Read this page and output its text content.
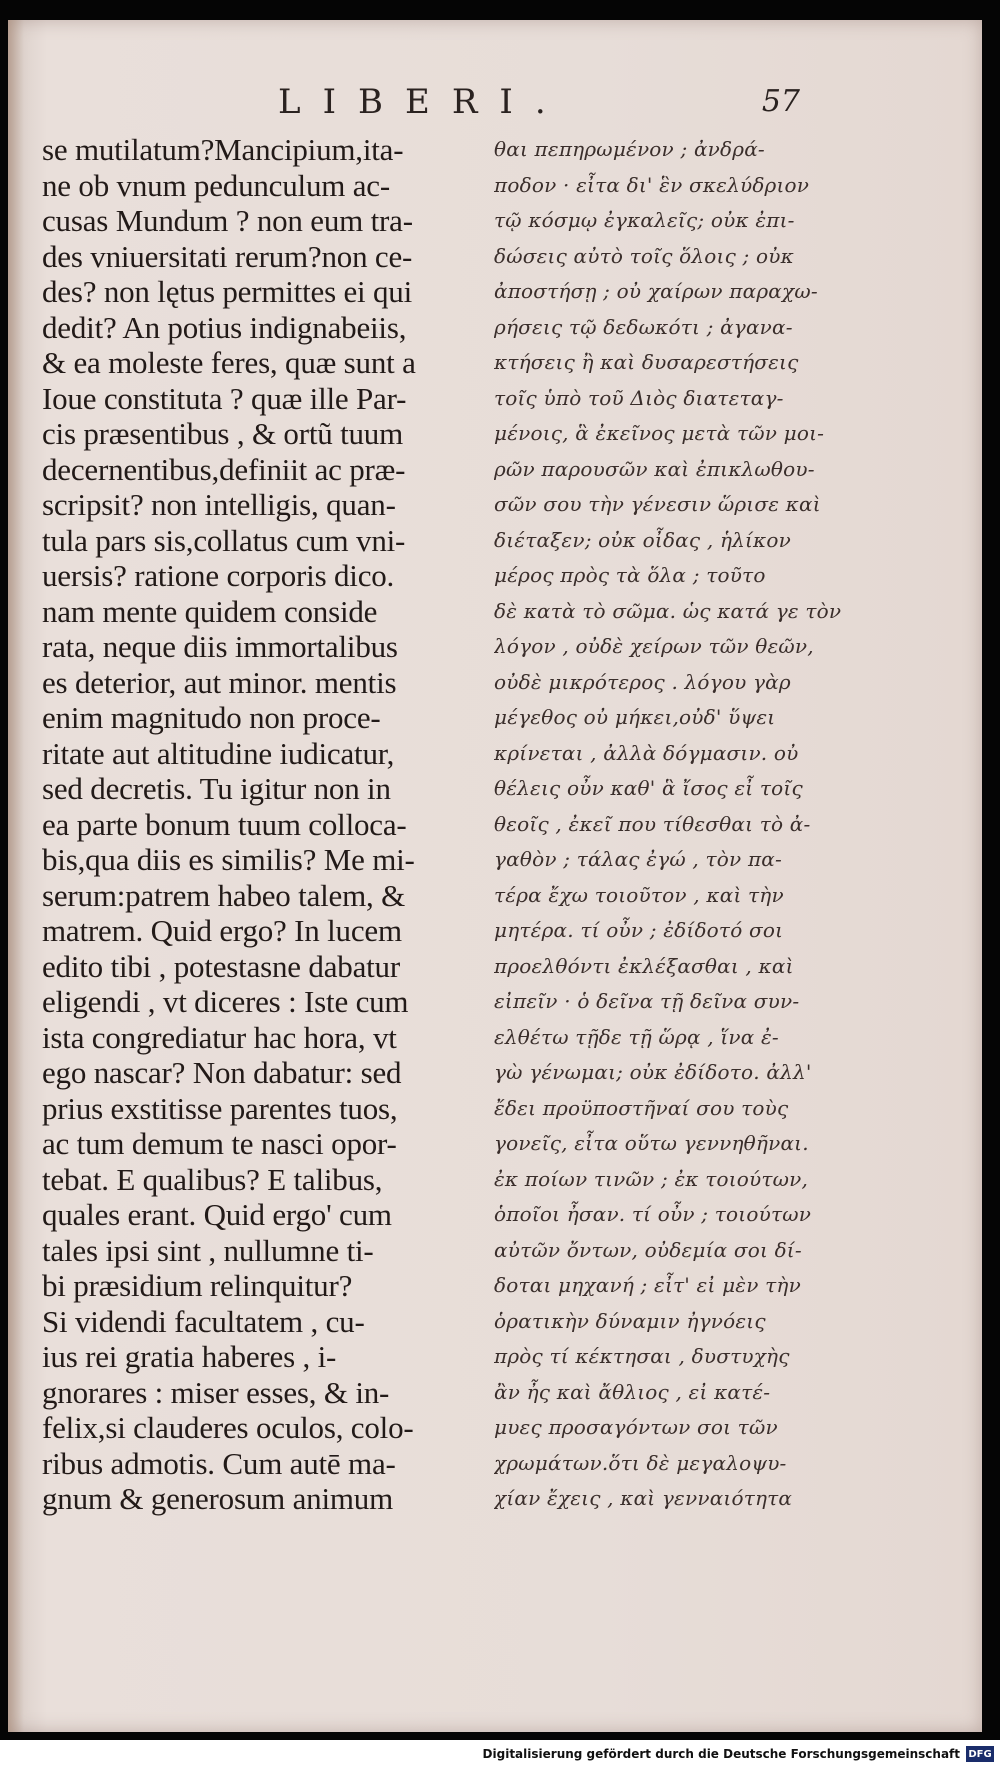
LIBERI.	57
se mutilatum?Mancipium,ita-
ne ob vnum pedunculum ac-
cusas Mundum ? non eum tra-
des vniuersitati rerum?non ce-
des? non lętus permittes ei qui
dedit? An potius indignabeiis,
& ea moleste feres, quæ sunt a
Ioue constituta ? quæ ille Par-
cis præsentibus , & ortũ tuum
decernentibus,definiit ac præ-
scripsit? non intelligis, quan-
tula pars sis,collatus cum vni-
uersis? ratione corporis dico.
nam mente quidem conside
rata, neque diis immortalibus
es deterior, aut minor. mentis
enim magnitudo non proce-
ritate aut altitudine iudicatur,
sed decretis. Tu igitur non in
ea parte bonum tuum colloca-
bis,qua diis es similis? Me mi-
serum:patrem habeo talem, &
matrem. Quid ergo? In lucem
edito tibi , potestasne dabatur
eligendi , vt diceres : Iste cum
ista congrediatur hac hora, vt
ego nascar? Non dabatur: sed
prius exstitisse parentes tuos,
ac tum demum te nasci opor-
tebat. E qualibus? E talibus,
quales erant. Quid ergo' cum
tales ipsi sint , nullumne ti-
bi præsidium relinquitur?
Si videndi facultatem , cu-
ius rei gratia haberes , i-
gnorares : miser esses, & in-
felix,si clauderes oculos, colo-
ribus admotis. Cum autē ma-
gnum & generosum animum
θαι πεπηρωμένον ; ἀνδρά-
ποδον · εἶτα δι' ἓν σκελύδριον
τῷ κόσμῳ ἐγκαλεῖς; οὐκ ἐπι-
δώσεις αὐτὸ τοῖς ὅλοις ; οὐκ
ἀποστήσῃ ; οὐ χαίρων παραχω-
ρήσεις τῷ δεδωκότι ; ἀγανα-
κτήσεις ἢ καὶ δυσαρεστήσεις
τοῖς ὑπὸ τοῦ Διὸς διατεταγ-
μένοις, ἃ ἐκεῖνος μετὰ τῶν μοι-
ρῶν παρουσῶν καὶ ἐπικλωθου-
σῶν σου τὴν γένεσιν ὥρισε καὶ
διέταξεν; οὐκ οἶδας , ἡλίκον
μέρος πρὸς τὰ ὅλα ; τοῦτο
δὲ κατὰ τὸ σῶμα. ὡς κατά γε τὸν
λόγον , οὐδὲ χείρων τῶν θεῶν,
οὐδὲ μικρότερος . λόγου γὰρ
μέγεθος οὐ μήκει,οὐδ' ὕψει
κρίνεται , ἀλλὰ δόγμασιν. οὐ
θέλεις οὖν καθ' ἃ ἴσος εἶ τοῖς
θεοῖς , ἐκεῖ που τίθεσθαι τὸ ἀ-
γαθὸν ; τάλας ἐγώ , τὸν πα-
τέρα ἔχω τοιοῦτον , καὶ τὴν
μητέρα. τί οὖν ; ἐδίδοτό σοι
προελθόντι ἐκλέξασθαι , καὶ
εἰπεῖν · ὁ δεῖνα τῇ δεῖνα συν-
ελθέτω τῇδε τῇ ὥρᾳ , ἵνα ἐ-
γὼ γένωμαι; οὐκ ἐδίδοτο. ἀλλ'
ἔδει προϋποστῆναί σου τοὺς
γονεῖς, εἶτα οὕτω γεννηθῆναι.
ἐκ ποίων τινῶν ; ἐκ τοιούτων,
ὁποῖοι ἦσαν. τί οὖν ; τοιούτων
αὐτῶν ὄντων, οὐδεμία σοι δί-
δοται μηχανή ; εἶτ' εἰ μὲν τὴν
ὁρατικὴν δύναμιν ἠγνόεις
πρὸς τί κέκτησαι , δυστυχὴς
ἂν ἦς καὶ ἄθλιος , εἰ κατέ-
μυες προσαγόντων σοι τῶν
χρωμάτων.ὅτι δὲ μεγαλοψυ-
χίαν ἔχεις , καὶ γενναιότητα
Digitalisierung gefördert durch die Deutsche Forschungsgemeinschaft DFG
